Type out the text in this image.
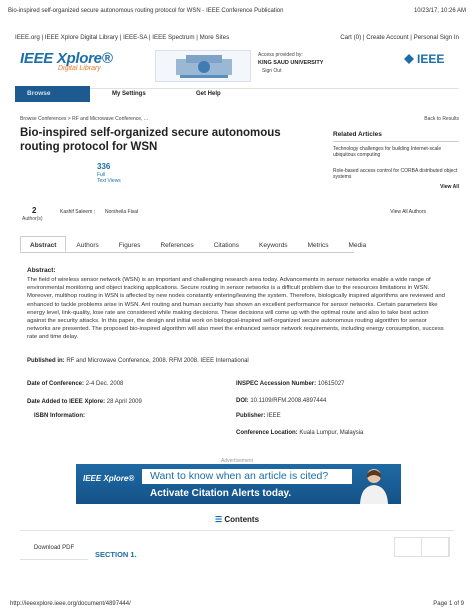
Bio-inspired self-organized secure autonomous routing protocol for WSN - IEEE Conference Publication	10/23/17, 10:26 AM
IEEE.org | IEEE Xplore Digital Library | IEEE-SA | IEEE Spectrum | More Sites	Cart (0) | Create Account | Personal Sign In
IEEE Xplore®
Digital Library
Access provided by:
KING SAUD UNIVERSITY
Sign Out
IEEE
Browse	My Settings	Get Help
Browse Conferences > RF and Microwave Conference, ...	Back to Results
Bio-inspired self-organized secure autonomous routing protocol for WSN
336
Full
Text Views
Related Articles
Technology challenges for building Internet-scale ubiquitous computing
Role-based access control for CORBA distributed object systems
View All
2
Author(s)
Kashif Saleem ; Norsheila Fisal	View All Authors
Abstract	Authors	Figures	References	Citations	Keywords	Metrics	Media
Abstract:
The field of wireless sensor network (WSN) is an important and challenging research area today. Advancements in sensor networks enable a wide range of environmental monitoring and object tracking applications. Secure routing in sensor networks is a difficult problem due to the resources limitations in WSN. Moreover, multihop routing in WSN is affected by new nodes constantly entering/leaving the system. Therefore, biologically inspired algorithms are reviewed and enhanced to tackle problems arise in WSN. Ant routing and human security has shown an excellent performance for sensor networks. Certain parameters like energy level, link-quality, lose rate are considered while making decisions. These decisions will come up with the optimal route and also to take best action against the security attacks. In this paper, the design and initial work on biological-inspired self-organized secure autonomous routing algorithm for sensor networks are presented. The proposed bio-inspired algorithm will also meet the enhanced sensor network requirements, including energy consumption, success rate and time delay.
Published in: RF and Microwave Conference, 2008. RFM 2008. IEEE International
Date of Conference: 2-4 Dec. 2008
Date Added to IEEE Xplore: 28 April 2009
ISBN Information:
INSPEC Accession Number: 10615027
DOI: 10.1109/RFM.2008.4897444
Publisher: IEEE
Conference Location: Kuala Lumpur, Malaysia
Advertisement
IEEE Xplore®	Want to know when an article is cited?
Activate Citation Alerts today.
☰ Contents
Download PDF
SECTION 1.
http://ieeexplore.ieee.org/document/4897444/	Page 1 of 9
